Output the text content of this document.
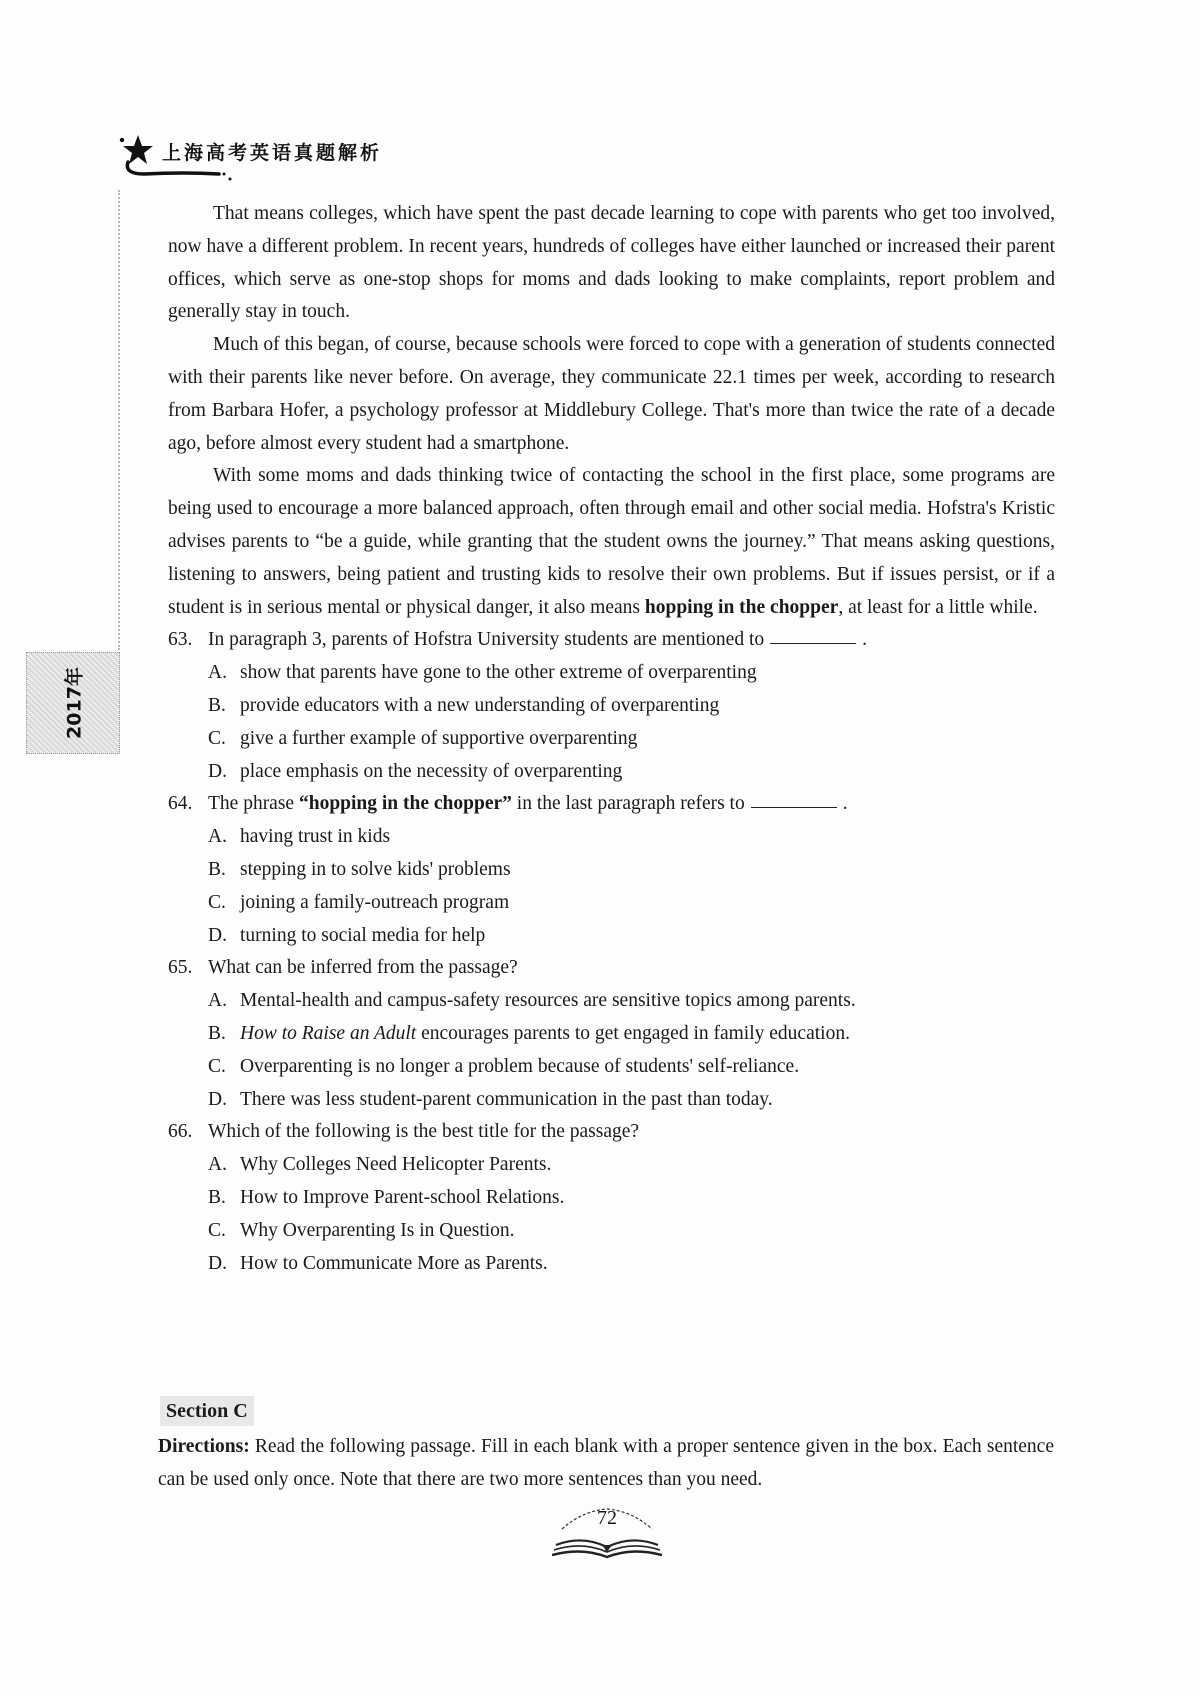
上海高考英语真题解析
2017年

That means colleges, which have spent the past decade learning to cope with parents who get too involved, now have a different problem. In recent years, hundreds of colleges have either launched or increased their parent offices, which serve as one-stop shops for moms and dads looking to make complaints, report problem and generally stay in touch.

Much of this began, of course, because schools were forced to cope with a generation of students connected with their parents like never before. On average, they communicate 22.1 times per week, according to research from Barbara Hofer, a psychology professor at Middlebury College. That's more than twice the rate of a decade ago, before almost every student had a smartphone.

With some moms and dads thinking twice of contacting the school in the first place, some programs are being used to encourage a more balanced approach, often through email and other social media. Hofstra's Kristic advises parents to “be a guide, while granting that the student owns the journey.” That means asking questions, listening to answers, being patient and trusting kids to resolve their own problems. But if issues persist, or if a student is in serious mental or physical danger, it also means hopping in the chopper, at least for a little while.

63. In paragraph 3, parents of Hofstra University students are mentioned to	.
A. show that parents have gone to the other extreme of overparenting
B. provide educators with a new understanding of overparenting
C. give a further example of supportive overparenting
D. place emphasis on the necessity of overparenting
64. The phrase “hopping in the chopper” in the last paragraph refers to	.
A. having trust in kids
B. stepping in to solve kids' problems
C. joining a family-outreach program
D. turning to social media for help
65. What can be inferred from the passage?
A. Mental-health and campus-safety resources are sensitive topics among parents.
B. How to Raise an Adult encourages parents to get engaged in family education.
C. Overparenting is no longer a problem because of students' self-reliance.
D. There was less student-parent communication in the past than today.
66. Which of the following is the best title for the passage?
A. Why Colleges Need Helicopter Parents.
B. How to Improve Parent-school Relations.
C. Why Overparenting Is in Question.
D. How to Communicate More as Parents.
Section C

Directions: Read the following passage. Fill in each blank with a proper sentence given in the box. Each sentence can be used only once. Note that there are two more sentences than you need.

72
